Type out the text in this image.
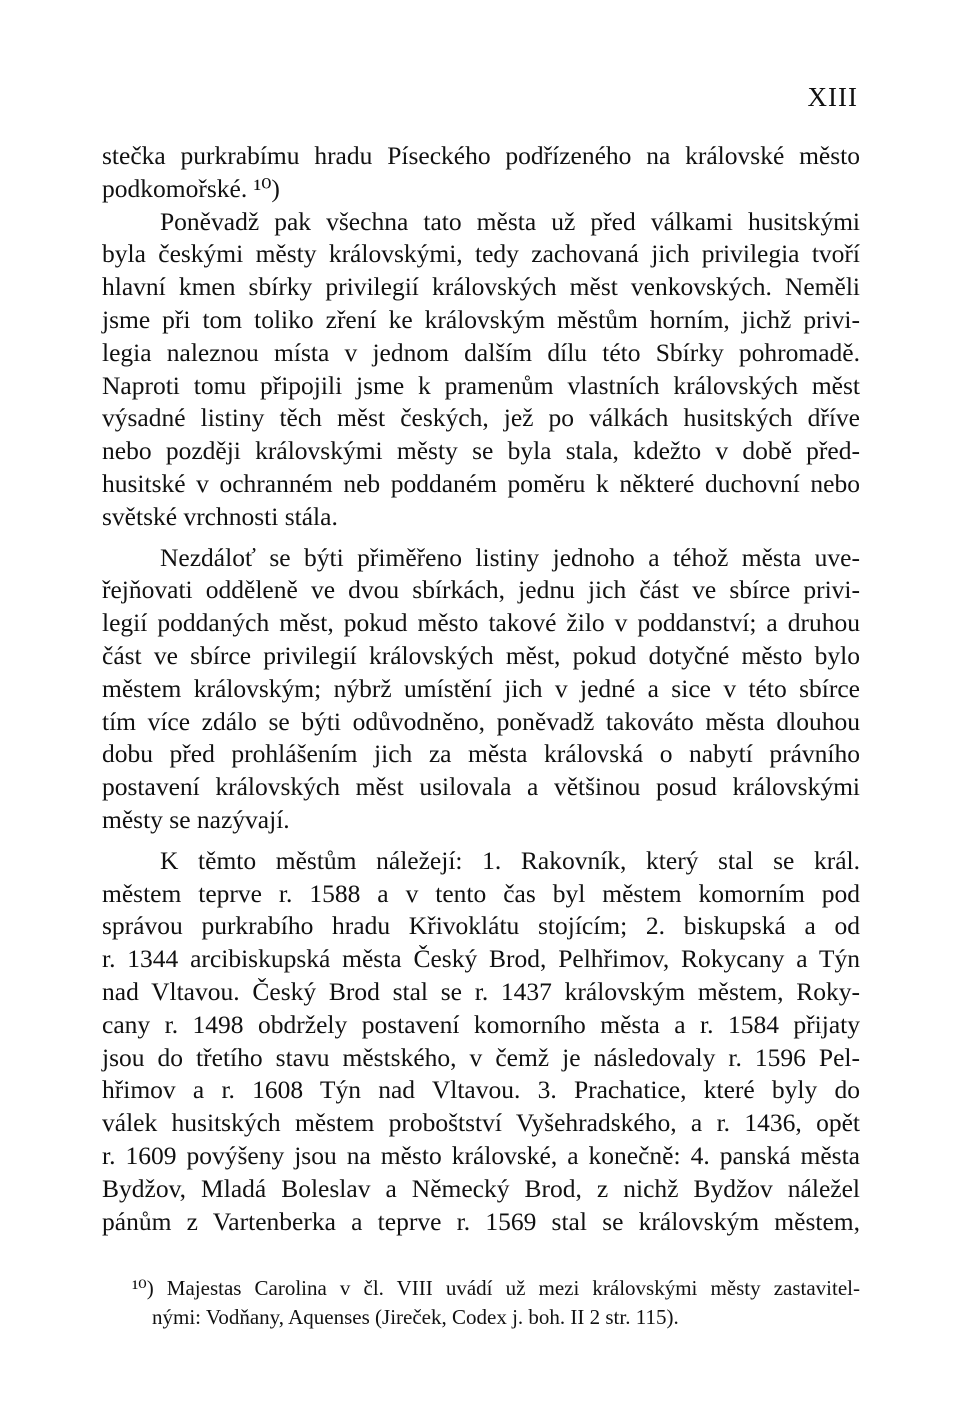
XIII
stečka purkrabímu hradu Píseckého podřízeného na královské město
podkomořské. ¹⁰)
Poněvadž pak všechna tato města už před válkami husitskými
byla českými městy královskými, tedy zachovaná jich privilegia tvoří
hlavní kmen sbírky privilegií královských měst venkovských. Neměli
jsme při tom toliko zření ke královským městům horním, jichž privi-
legia naleznou místa v jednom dalším dílu této Sbírky pohromadě.
Naproti tomu připojili jsme k pramenům vlastních královských měst
výsadné listiny těch měst českých, jež po válkách husitských dříve
nebo později královskými městy se byla stala, kdežto v době před-
husitské v ochranném neb poddaném poměru k některé duchovní nebo
světské vrchnosti stála.
Nezdálоť se býti přiměřeno listiny jednoho a téhož města uve-
řejňovati odděleně ve dvou sbírkách, jednu jich část ve sbírce privi-
legií poddaných měst, pokud město takové žilo v poddanství; a druhou
část ve sbírce privilegií královských měst, pokud dotyčné město bylo
městem královským; nýbrž umístění jich v jedné a sice v této sbírce
tím více zdálo se býti odůvodněno, poněvadž takováto města dlouhou
dobu před prohlášením jich za města královská o nabytí právního
postavení královských měst usilovala a většinou posud královskými
městy se nazývají.
K těmto městům náležejí: 1. Rakovník, který stal se král.
městem teprve r. 1588 a v tento čas byl městem komorním pod
správou purkrabího hradu Křivoklátu stojícím; 2. biskupská a od
r. 1344 arcibiskupská města Český Brod, Pelhřimov, Rokycany a Týn
nad Vltavou. Český Brod stal se r. 1437 královským městem, Roky-
cany r. 1498 obdržely postavení komorního města a r. 1584 přijaty
jsou do třetího stavu městského, v čemž je následovaly r. 1596 Pel-
hřimov a r. 1608 Týn nad Vltavou. 3. Prachatice, které byly do
válek husitských městem proboštství Vyšehradského, a r. 1436, opět
r. 1609 povýšeny jsou na město královské, a konečně: 4. panská města
Bydžov, Mladá Boleslav a Německý Brod, z nichž Bydžov náležel
pánům z Vartenberka a teprve r. 1569 stal se královským městem,
¹⁰) Majestas Carolina v čl. VIII uvádí už mezi královskými městy zastavitel-
nými: Vodňany, Aquenses (Jireček, Codex j. boh. II 2 str. 115).
